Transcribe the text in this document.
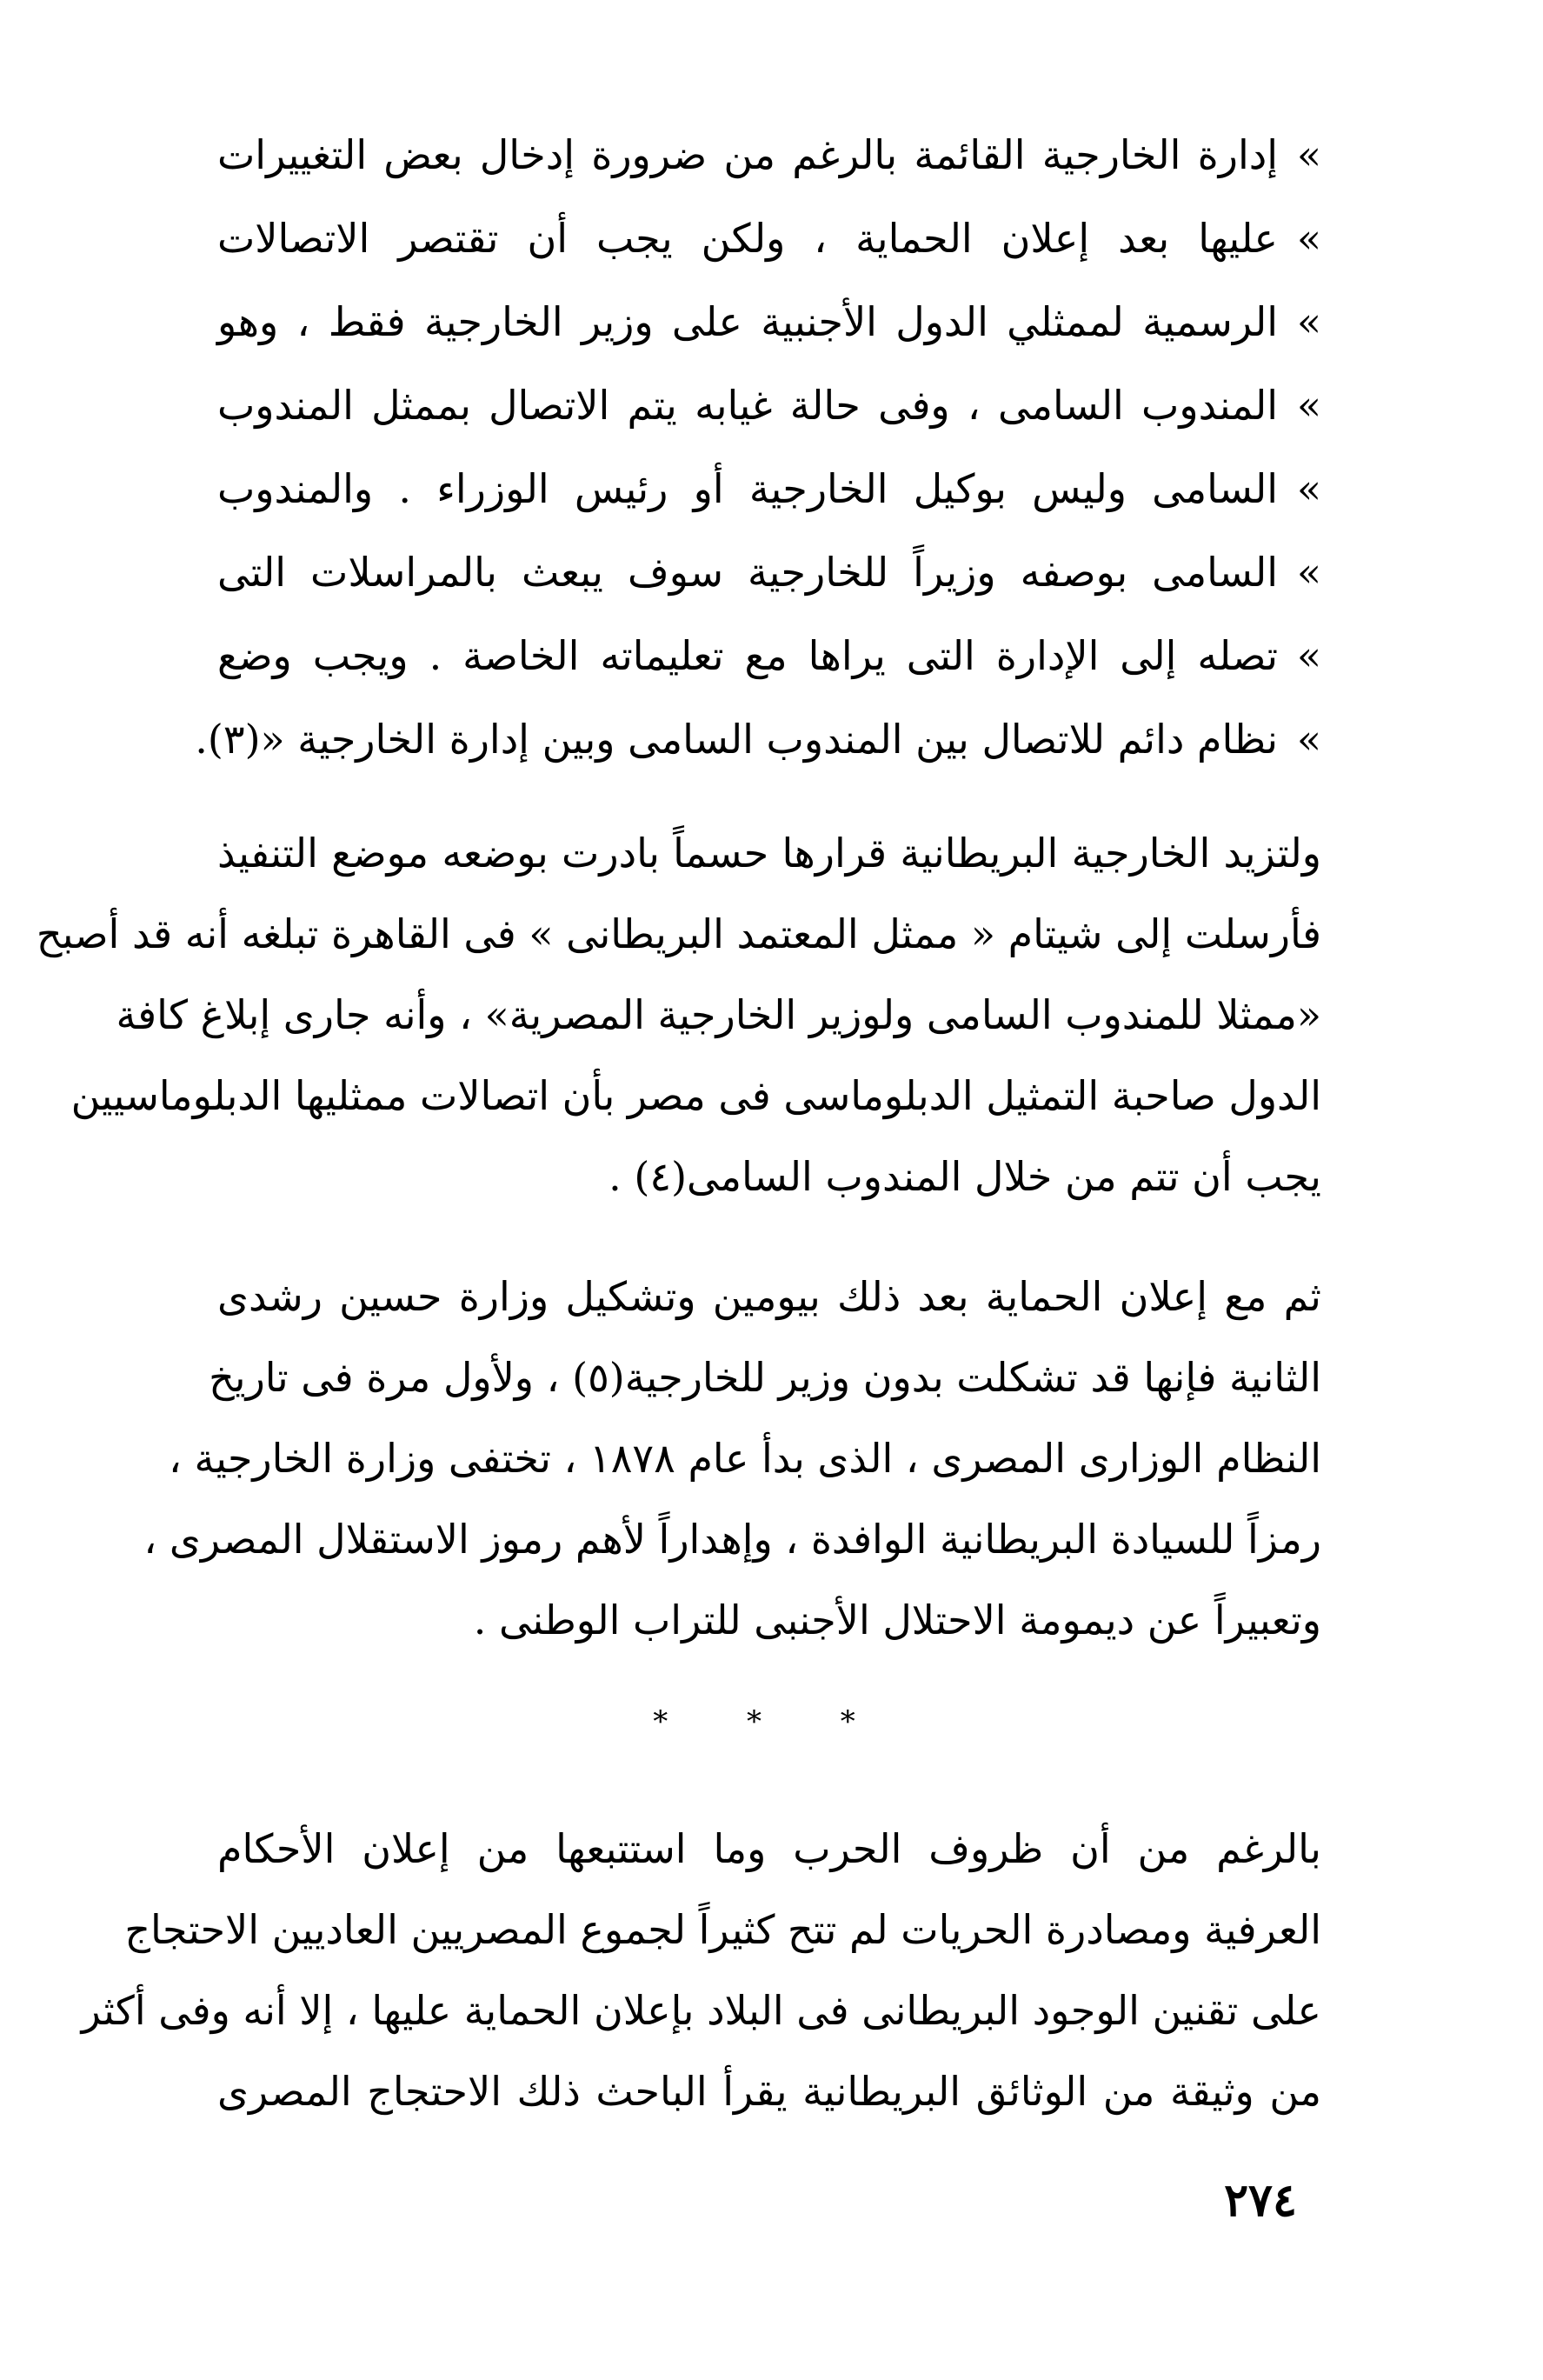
»
إدارة الخارجية القائمة بالرغم من ضرورة إدخال بعض التغييرات
»
عليها بعد إعلان الحماية ، ولكن يجب أن تقتصر الاتصالات
»
الرسمية لممثلي الدول الأجنبية على وزير الخارجية فقط ، وهو
»
المندوب السامى ، وفى حالة غيابه يتم الاتصال بممثل المندوب
»
السامى وليس بوكيل الخارجية أو رئيس الوزراء . والمندوب
»
السامى بوصفه وزيراً للخارجية سوف يبعث بالمراسلات التى
»
تصله إلى الإدارة التى يراها مع تعليماته الخاصة . ويجب وضع
»
نظام دائم للاتصال بين المندوب السامى وبين إدارة الخارجية «(٣).
ولتزيد الخارجية البريطانية قرارها حسماً بادرت بوضعه موضع التنفيذ
فأرسلت إلى شيتام « ممثل المعتمد البريطانى » فى القاهرة تبلغه أنه قد أصبح
«ممثلا للمندوب السامى ولوزير الخارجية المصرية» ، وأنه جارى إبلاغ كافة
الدول صاحبة التمثيل الدبلوماسى فى مصر بأن اتصالات ممثليها الدبلوماسيين
يجب أن تتم من خلال المندوب السامى(٤) .
ثم مع إعلان الحماية بعد ذلك بيومين وتشكيل وزارة حسين رشدى
الثانية فإنها قد تشكلت بدون وزير للخارجية(٥) ، ولأول مرة فى تاريخ
النظام الوزارى المصرى ، الذى بدأ عام ١٨٧٨ ، تختفى وزارة الخارجية ،
رمزاً للسيادة البريطانية الوافدة ، وإهداراً لأهم رموز الاستقلال المصرى ،
وتعبيراً عن ديمومة الاحتلال الأجنبى للتراب الوطنى .
* * *
بالرغم من أن ظروف الحرب وما استتبعها من إعلان الأحكام
العرفية ومصادرة الحريات لم تتح كثيراً لجموع المصريين العاديين الاحتجاج
على تقنين الوجود البريطانى فى البلاد بإعلان الحماية عليها ، إلا أنه وفى أكثر
من وثيقة من الوثائق البريطانية يقرأ الباحث ذلك الاحتجاج المصرى
٢٧٤
